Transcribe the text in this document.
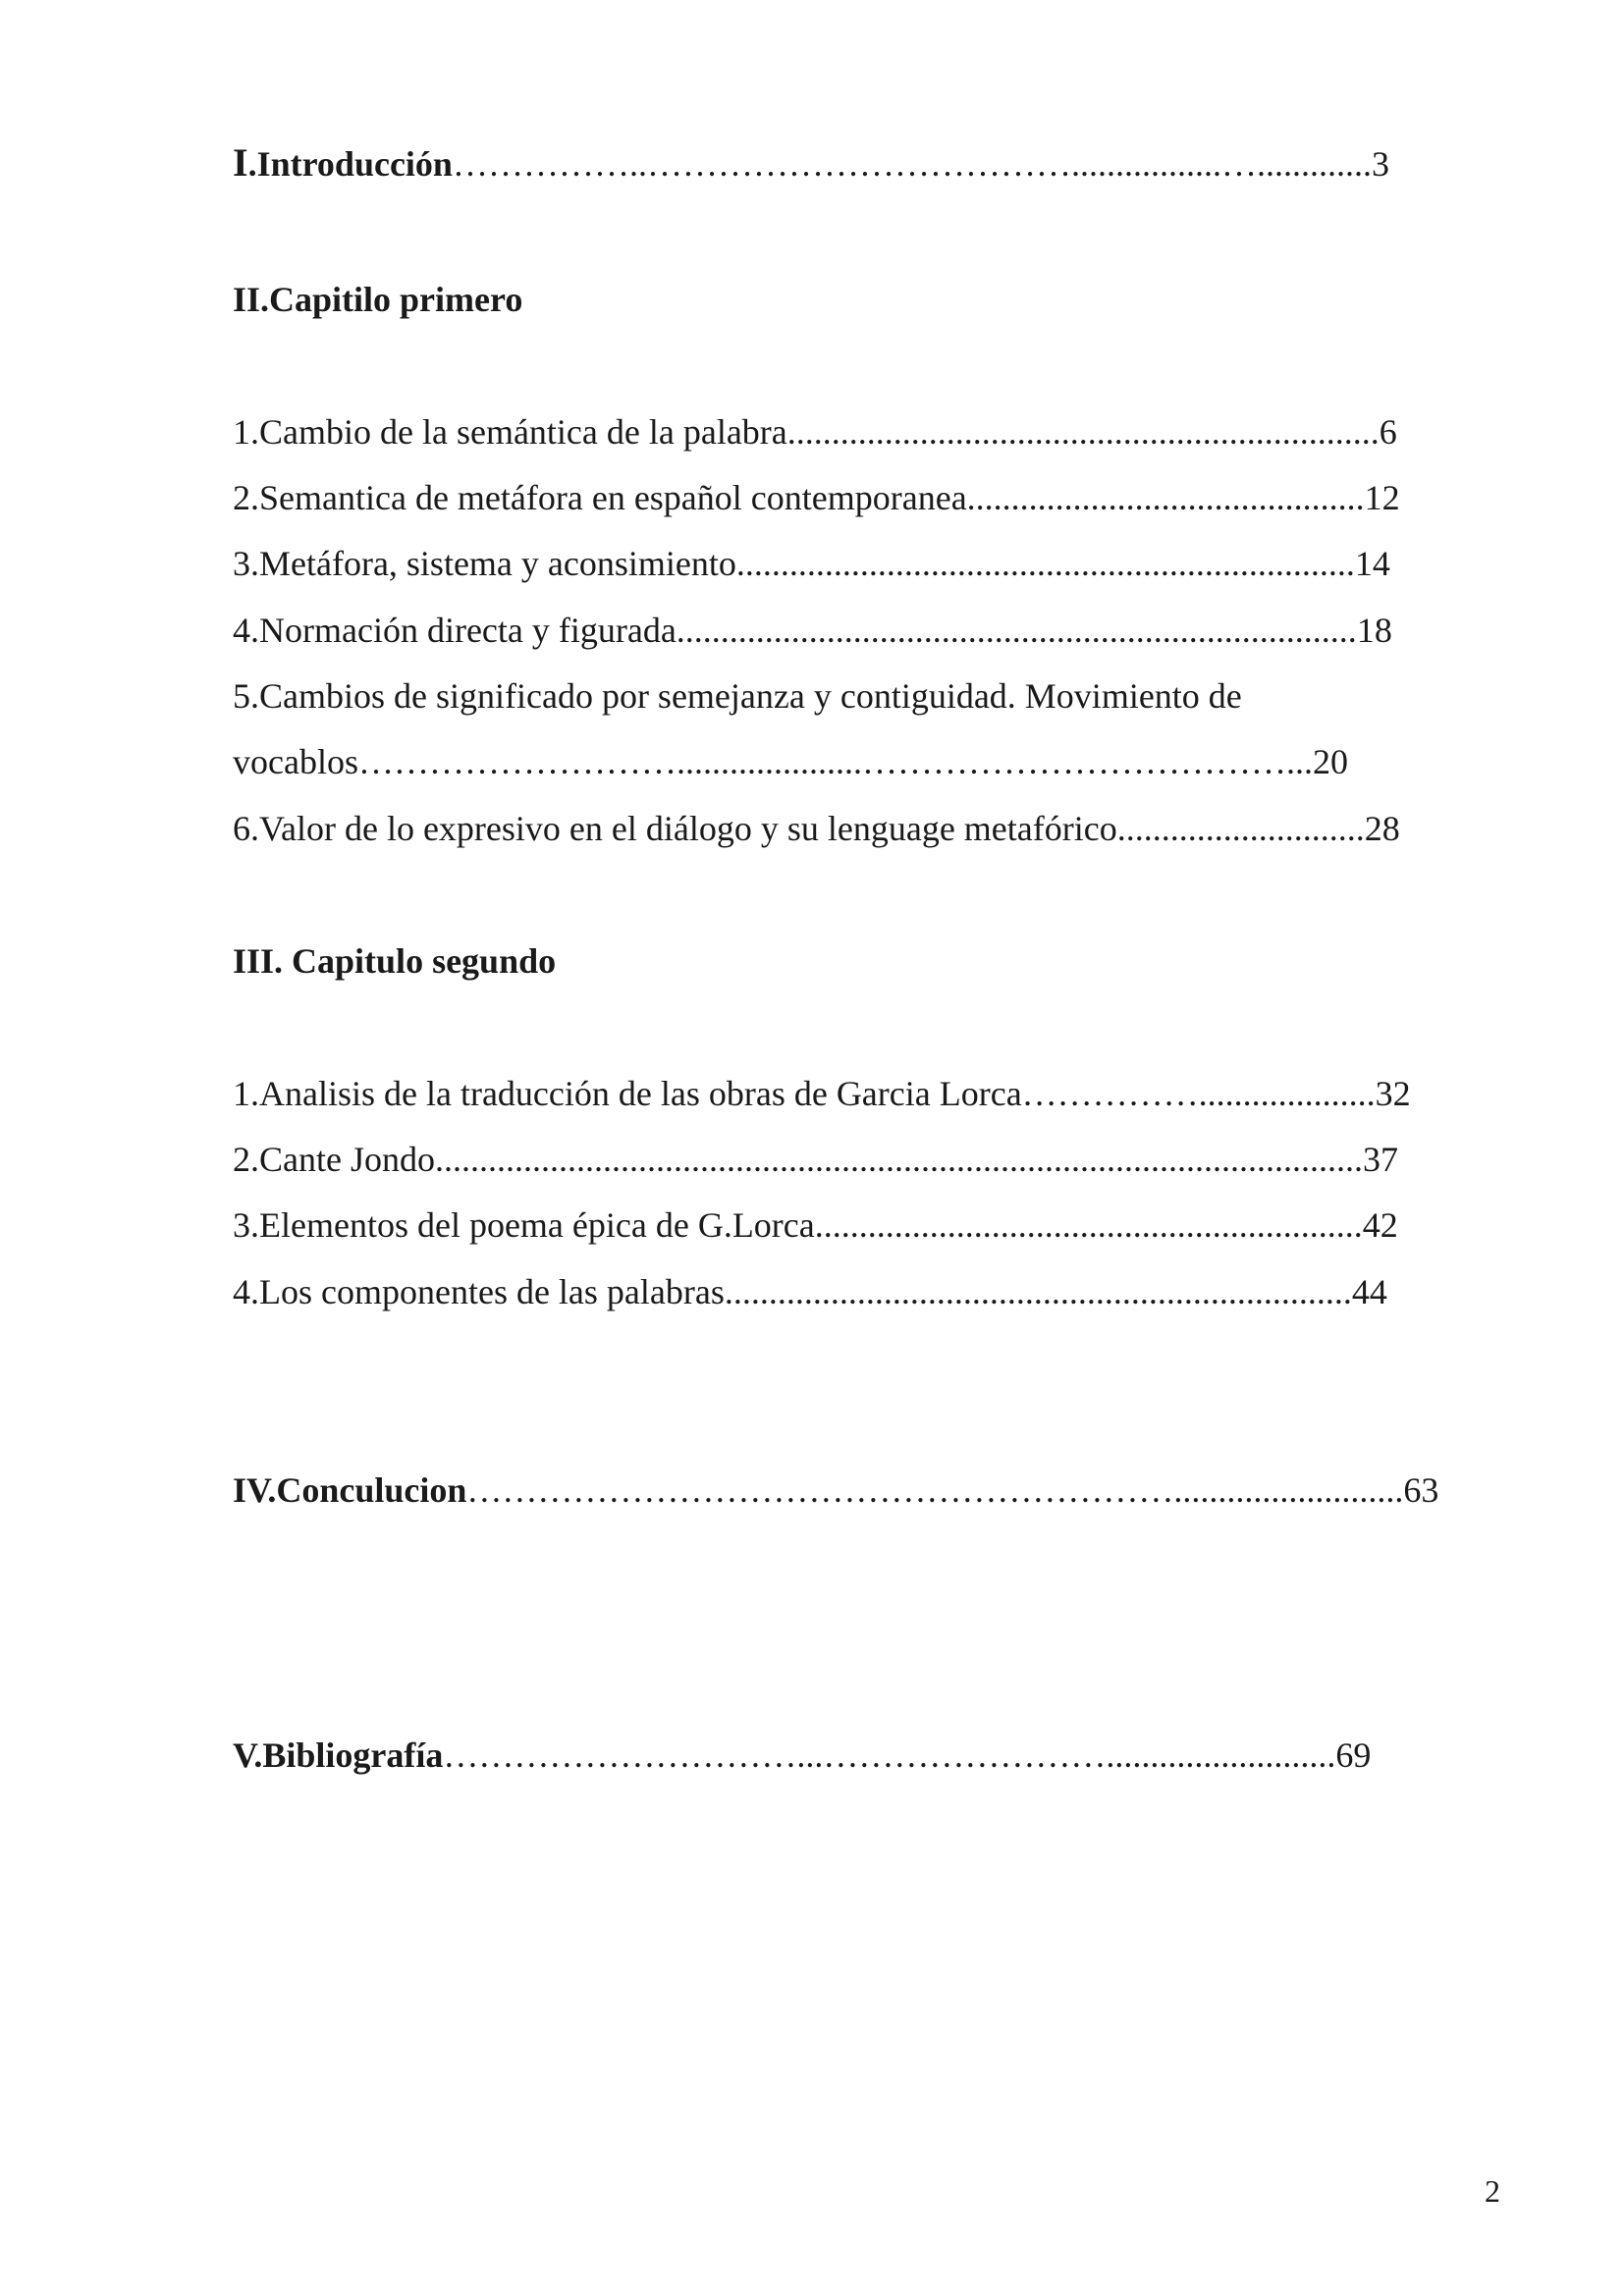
I.Introducción……………..……………………………….................….............3
II.Capitilo primero
1.Cambio de la semántica de la palabra...................................................................6
2.Semantica de metáfora en español contemporanea.............................................12
3.Metáfora, sistema y aconsimiento......................................................................14
4.Normación directa y figurada.............................................................................18
5.Cambios de significado por semejanza y contiguidad. Movimiento de
vocablos……………………….....................………………………………...20
6.Valor de lo expresivo en el diálogo y su lenguage metafórico............................28
III. Capitulo segundo
1.Analisis de la traducción de las obras de Garcia Lorca……………....................32
2.Cante Jondo.........................................................................................................37
3.Elementos del poema épica de G.Lorca..............................................................42
4.Los componentes de las palabras.......................................................................44
IV.Conculucion……………………………………………………..........................63
V.Bibliografía…………………………...……………………..........................69
2
